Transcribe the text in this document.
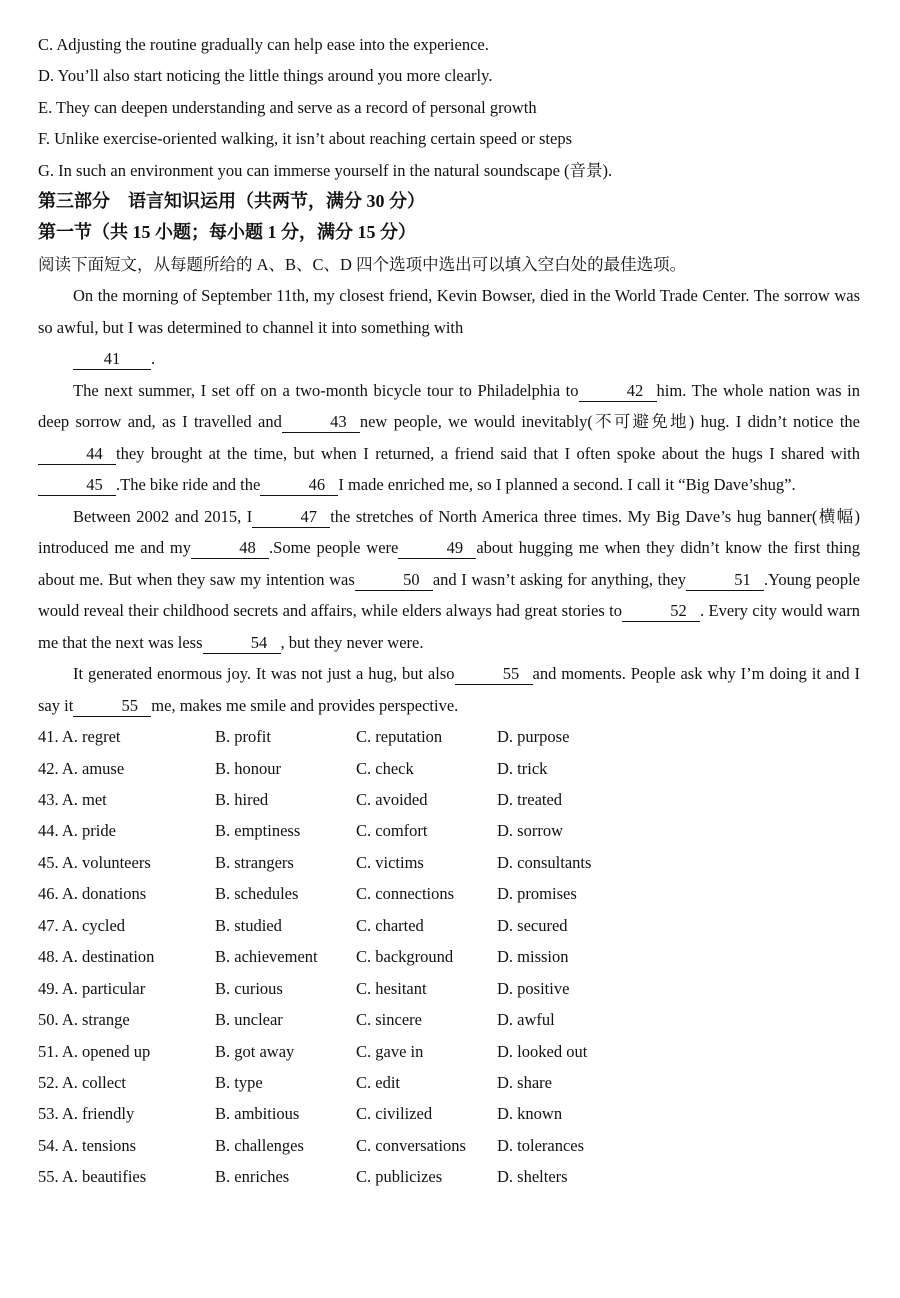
C. Adjusting the routine gradually can help ease into the experience.
D. You’ll also start noticing the little things around you more clearly.
E. They can deepen understanding and serve as a record of personal growth
F. Unlike exercise-oriented walking, it isn’t about reaching certain speed or steps
G. In such an environment you can immerse yourself in the natural soundscape (音景).
第三部分　语言知识运用（共两节，满分 30 分）
第一节（共 15 小题；每小题 1 分，满分 15 分）
阅读下面短文，从每题所给的 A、B、C、D 四个选项中选出可以填入空白处的最佳选项。

On the morning of September 11th, my closest friend, Kevin Bowser, died in the World Trade Center. The sorrow was so awful, but I was determined to channel it into something with

41 .

The next summer, I set off on a two-month bicycle tour to Philadelphia to	42 him. The whole nation was in deep sorrow and, as I travelled and	43 new people, we would inevitably(不可避免地) hug. I didn’t notice the44 they brought at the time, but when I returned, a friend said that I often spoke about the hugs I shared with 45 .The bike ride and the	46 I made enriched me, so I planned a second. I call it “Big Dave’shug”.

Between 2002 and 2015, I	47 the stretches of North America three times. My Big Dave’s hug banner(横幅) introduced me and my	48 .Some people were	49 about hugging me when they didn’t know the first thing about me. But when they saw my intention was	50 and I wasn’t asking for anything, they	51 .Young people would reveal their childhood secrets and affairs, while elders always had great stories to	52 . Every city would warn me that the next was less	54 , but they never were.

It generated enormous joy. It was not just a hug, but also	55 and moments. People ask why I’m doing it and I say it	55 me, makes me smile and provides perspective.

41. A. regret	B. profit	C. reputation	D. purpose
42. A. amuse	B. honour	C. check	D. trick
43. A. met	B. hired	C. avoided	D. treated
44. A. pride	B. emptiness	C. comfort	D. sorrow
45. A. volunteers	B. strangers	C. victims	D. consultants
46. A. donations	B. schedules	C. connections	D. promises
47. A. cycled	B. studied	C. charted	D. secured
48. A. destination	B. achievement	C. background	D. mission
49. A. particular	B. curious	C. hesitant	D. positive
50. A. strange	B. unclear	C. sincere	D. awful
51. A. opened up	B. got away	C. gave in	D. looked out
52. A. collect	B. type	C. edit	D. share
53. A. friendly	B. ambitious	C. civilized	D. known
54. A. tensions	B. challenges	C. conversations	D. tolerances
55. A. beautifies	B. enriches	C. publicizes	D. shelters
